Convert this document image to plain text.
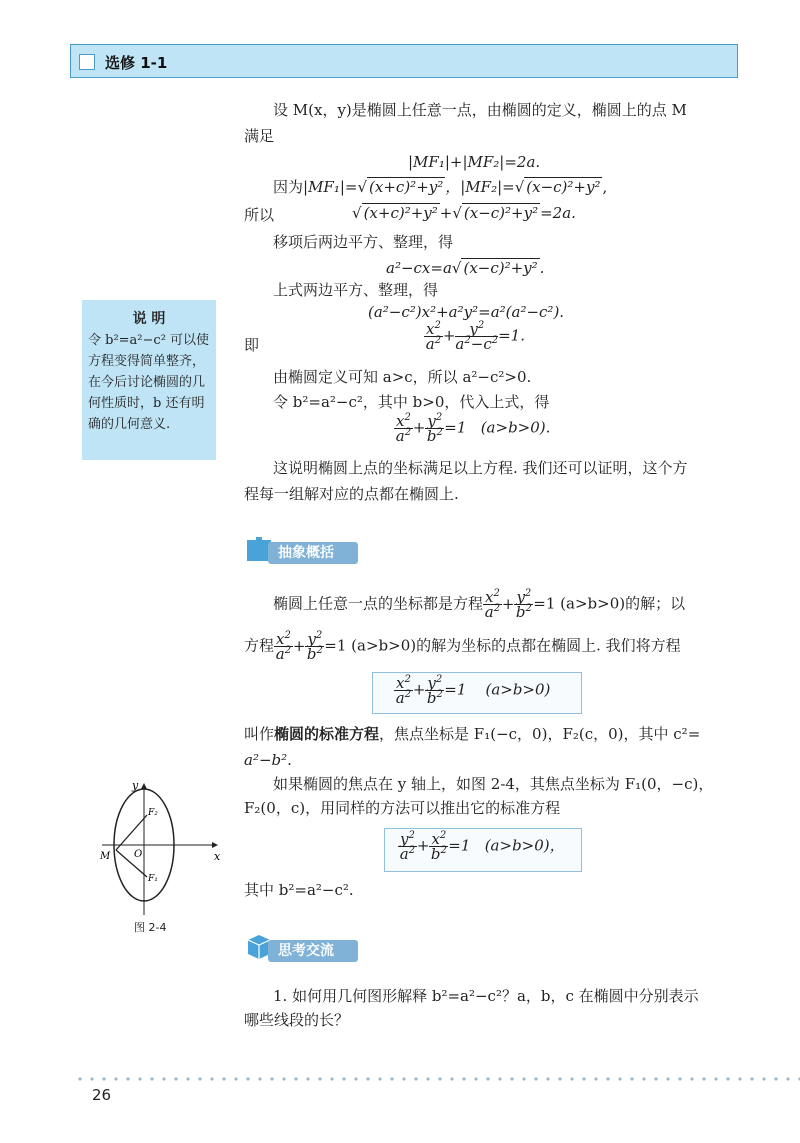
选修 1-1
设 M(x，y)是椭圆上任意一点，由椭圆的定义，椭圆上的点 M
满足
|MF₁|+|MF₂|=2a.
因为|MF₁|=√ (x+c)²+y² ，|MF₂|=√ (x−c)²+y² ,
所以	√ (x+c)²+y² +√ (x−c)²+y² =2a.
移项后两边平方、整理，得
a²−cx=a√ (x−c)²+y² .
上式两边平方、整理，得
(a²−c²)x²+a²y²=a²(a²−c²).
即	$\frac{x^2}{a^2} + \frac{y^2}{a^2-c^2} =1$.
由椭圆定义可知 a>c，所以 a²−c²>0.
令 b²=a²−c²，其中 b>0，代入上式，得
$\frac{x^2}{a^2} + \frac{y^2}{b^2} =1$   (a>b>0).
这说明椭圆上点的坐标满足以上方程. 我们还可以证明，这个方
程每一组解对应的点都在椭圆上.
说 明
令 b²=a²−c² 可以使方程变得简单整齐，在今后讨论椭圆的几何性质时，b 还有明确的几何意义.
抽象概括
椭圆上任意一点的坐标都是方程 $\frac{x^2}{a^2} + \frac{y^2}{b^2} =1$ (a>b>0)的解；以
方程 $\frac{x^2}{a^2} + \frac{y^2}{b^2} =1$ (a>b>0)的解为坐标的点都在椭圆上. 我们将方程
$\frac{x^2}{a^2} + \frac{y^2}{b^2} =1$    (a>b>0)
叫作椭圆的标准方程，焦点坐标是 F₁(−c，0)，F₂(c，0)，其中 c²=
a²−b².
如果椭圆的焦点在 y 轴上，如图 2-4，其焦点坐标为 F₁(0，−c)，
F₂(0，c)，用同样的方法可以推出它的标准方程
$\frac{y^2}{a^2} + \frac{x^2}{b^2} =1$   (a>b>0)，
其中 b²=a²−c².
y
x
O
M
F₂
F₁
图 2-4
思考交流
1. 如何用几何图形解释 b²=a²−c²？a，b，c 在椭圆中分别表示
哪些线段的长？
26
